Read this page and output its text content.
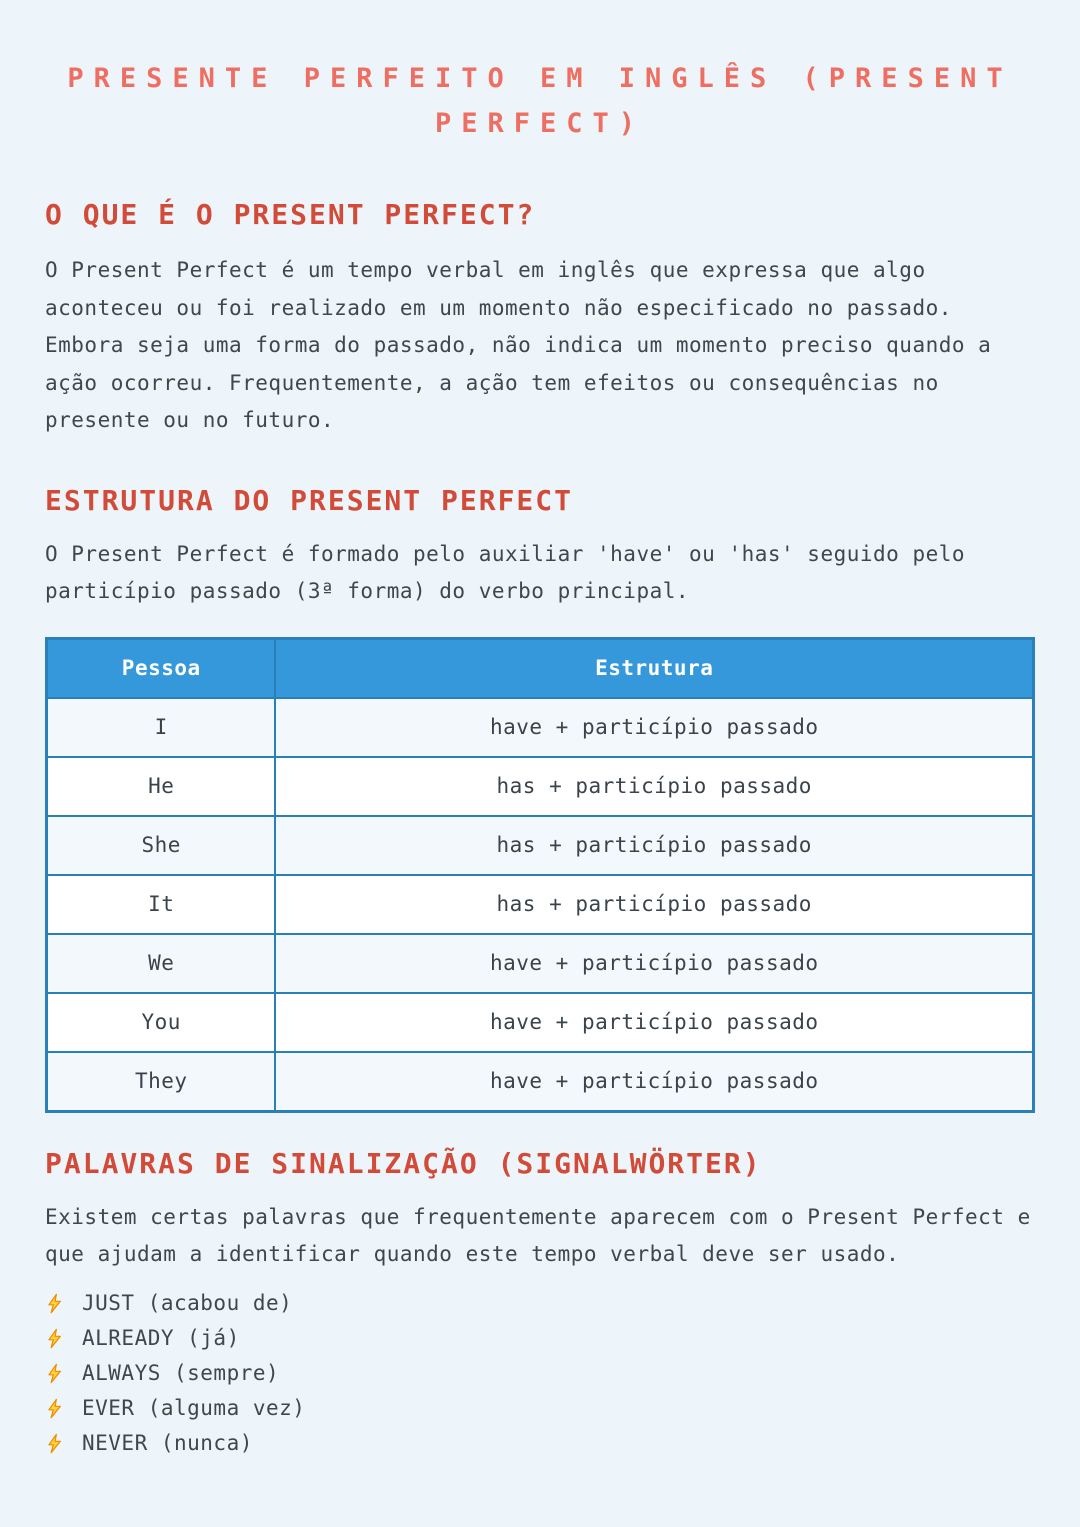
PRESENTE PERFEITO EM INGLÊS (PRESENT PERFECT)
O QUE É O PRESENT PERFECT?

O Present Perfect é um tempo verbal em inglês que expressa que algo aconteceu ou foi realizado em um momento não especificado no passado. Embora seja uma forma do passado, não indica um momento preciso quando a ação ocorreu. Frequentemente, a ação tem efeitos ou consequências no presente ou no futuro.

ESTRUTURA DO PRESENT PERFECT

O Present Perfect é formado pelo auxiliar 'have' ou 'has' seguido pelo particípio passado (3ª forma) do verbo principal.

Pessoa	Estrutura
I	have + particípio passado
He	has + particípio passado
She	has + particípio passado
It	has + particípio passado
We	have + particípio passado
You	have + particípio passado
They	have + particípio passado
PALAVRAS DE SINALIZAÇÃO (SIGNALWÖRTER)

Existem certas palavras que frequentemente aparecem com o Present Perfect e que ajudam a identificar quando este tempo verbal deve ser usado.

JUST (acabou de)
ALREADY (já)
ALWAYS (sempre)
EVER (alguma vez)
NEVER (nunca)
